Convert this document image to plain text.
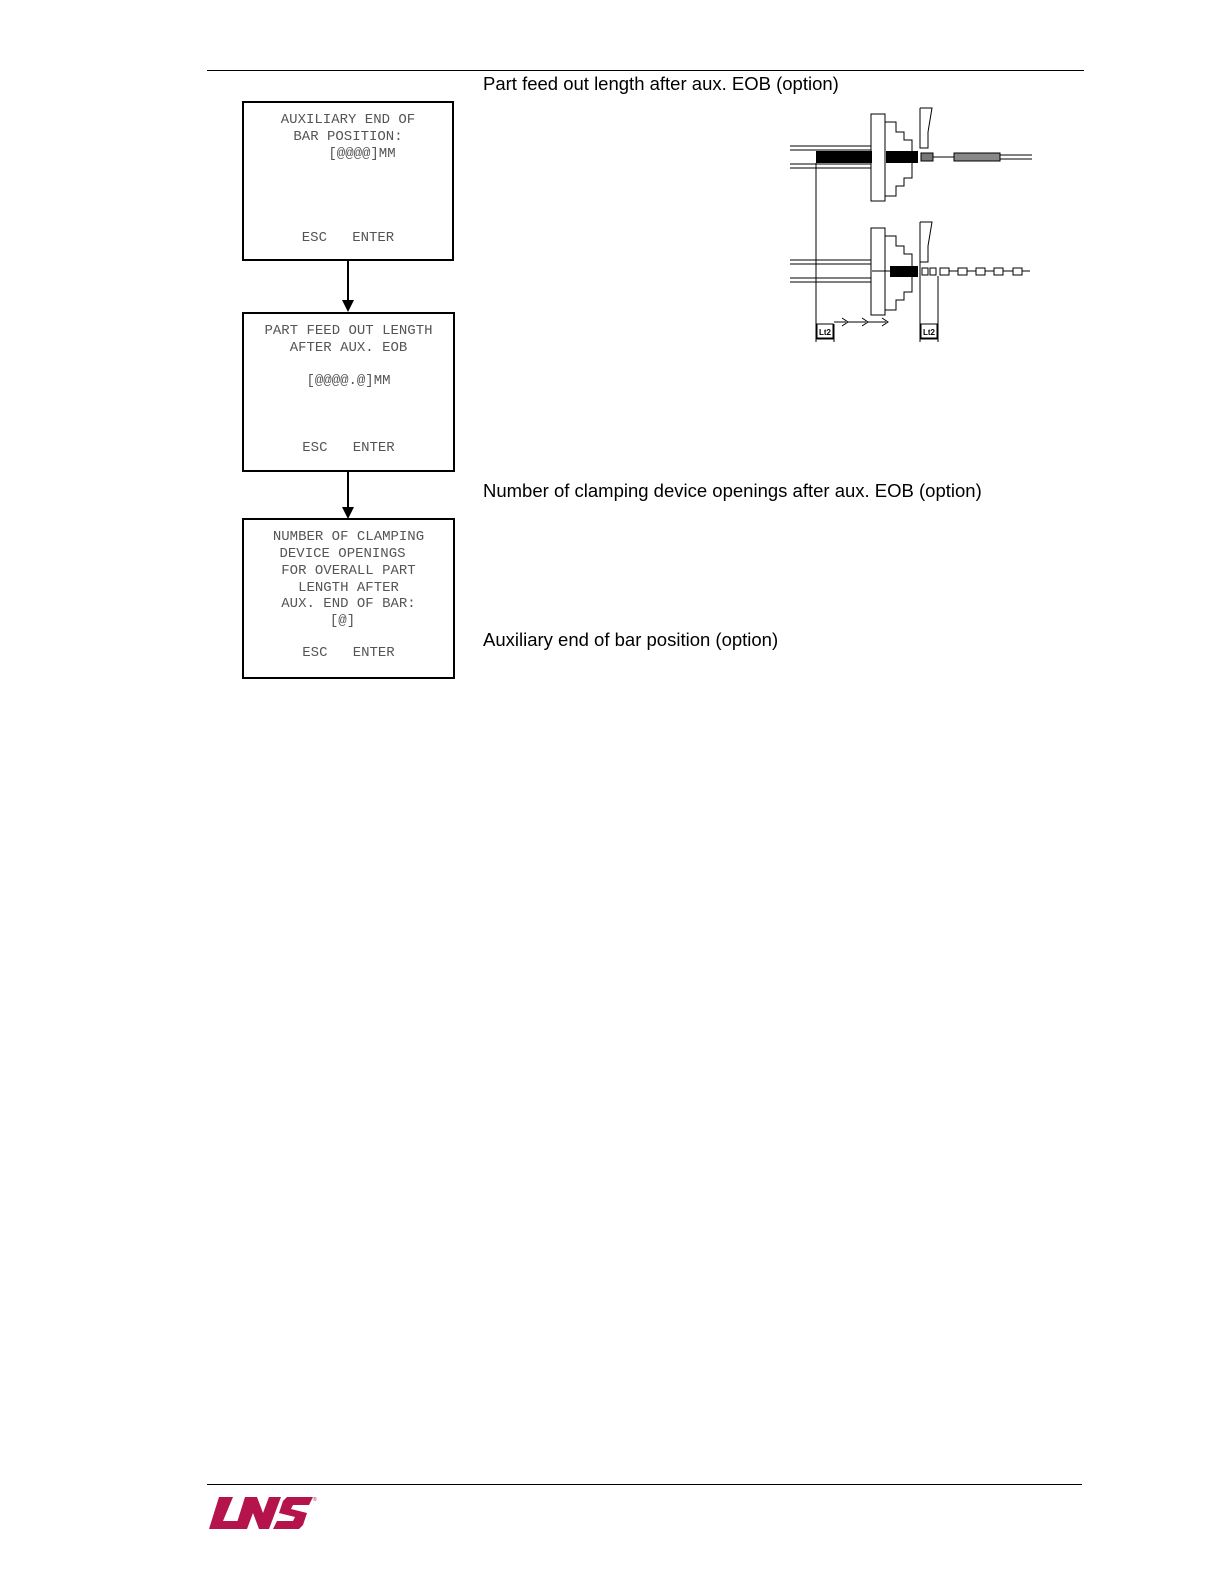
Part feed out length after aux. EOB (option)
Number of clamping device openings after aux. EOB (option)
Auxiliary end of bar position (option)
AUXILIARY END OF
BAR POSITION:
[@@@@]MM
ESC ENTER
PART FEED OUT LENGTH
AFTER AUX. EOB
[@@@@.@]MM
ESC ENTER
NUMBER OF CLAMPING
DEVICE OPENINGS
FOR OVERALL PART
LENGTH AFTER
AUX. END OF BAR:
[@]
ESC ENTER
Lt2	Lt2
®
